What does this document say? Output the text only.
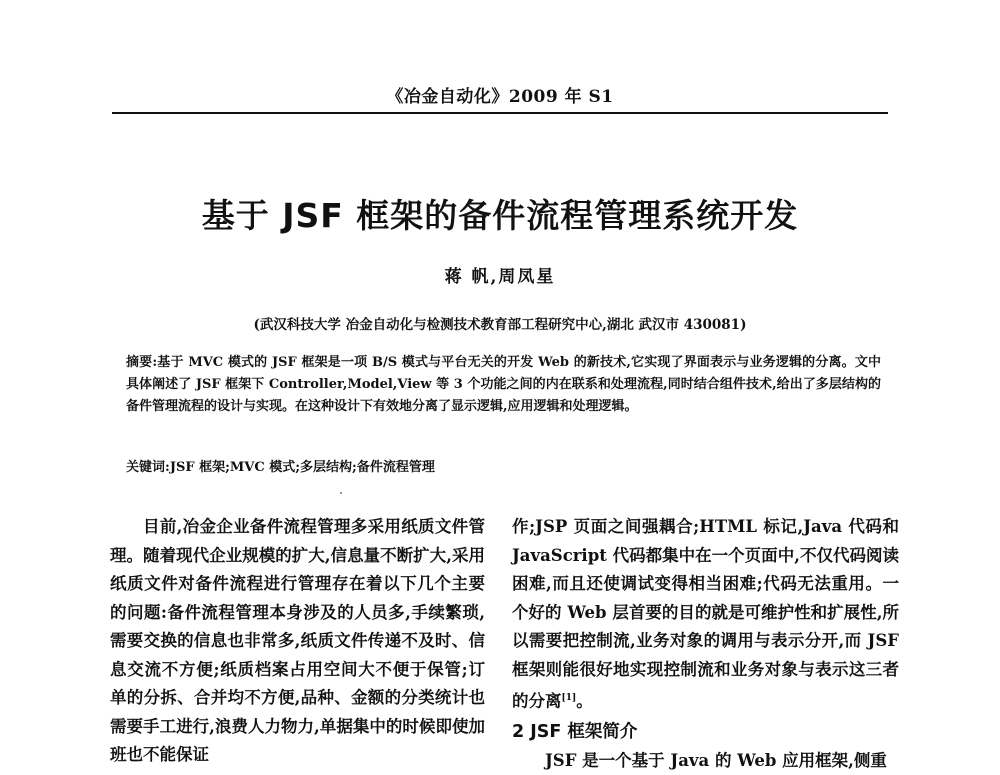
《冶金自动化》2009 年 S1
基于 JSF 框架的备件流程管理系统开发
蒋 帆,周凤星
(武汉科技大学 冶金自动化与检测技术教育部工程研究中心,湖北 武汉市 430081)
摘要:基于 MVC 模式的 JSF 框架是一项 B/S 模式与平台无关的开发 Web 的新技术,它实现了界面表示与业务逻辑的分离。文中具体阐述了 JSF 框架下 Controller,Model,View 等 3 个功能之间的内在联系和处理流程,同时结合组件技术,给出了多层结构的备件管理流程的设计与实现。在这种设计下有效地分离了显示逻辑,应用逻辑和处理逻辑。
关键词:JSF 框架;MVC 模式;多层结构;备件流程管理
目前,冶金企业备件流程管理多采用纸质文件管理。随着现代企业规模的扩大,信息量不断扩大,采用纸质文件对备件流程进行管理存在着以下几个主要的问题:备件流程管理本身涉及的人员多,手续繁琐,需要交换的信息也非常多,纸质文件传递不及时、信息交流不方便;纸质档案占用空间大不便于保管;订单的分拆、合并均不方便,品种、金额的分类统计也需要手工进行,浪费人力物力,单据集中的时候即使加班也不能保证
作;JSP 页面之间强耦合;HTML 标记,Java 代码和 JavaScript 代码都集中在一个页面中,不仅代码阅读困难,而且还使调试变得相当困难;代码无法重用。一个好的 Web 层首要的目的就是可维护性和扩展性,所以需要把控制流,业务对象的调用与表示分开,而 JSF 框架则能很好地实现控制流和业务对象与表示这三者的分离[1]。
2 JSF 框架简介
JSF 是一个基于 Java 的 Web 应用框架,侧重
